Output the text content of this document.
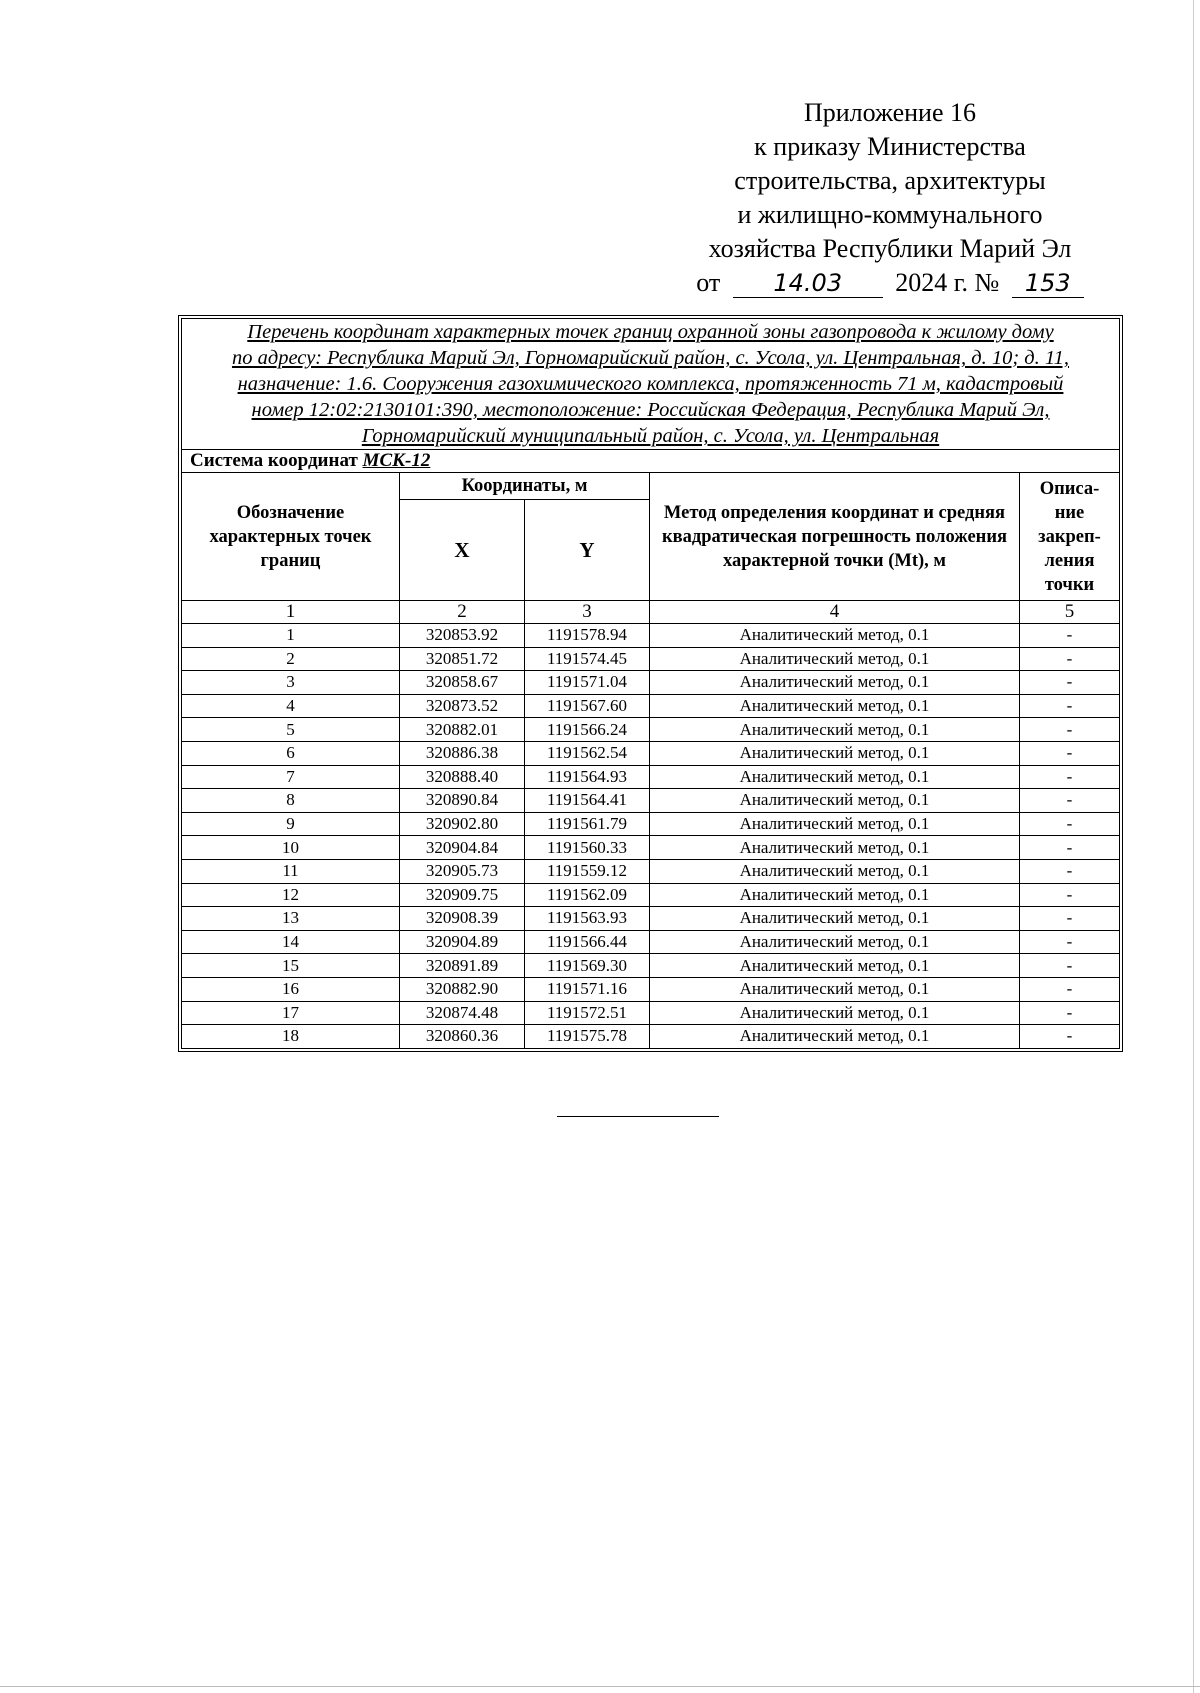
Приложение 16
к приказу Министерства
строительства, архитектуры
и жилищно-коммунального
хозяйства Республики Марий Эл
от 14.03 2024 г. № 153
Перечень координат характерных точек границ охранной зоны газопровода к жилому дому
по адресу: Республика Марий Эл, Горномарийский район, с. Усола, ул. Центральная, д. 10; д. 11,
назначение: 1.6. Сооружения газохимического комплекса, протяженность 71 м, кадастровый
номер 12:02:2130101:390, местоположение: Российская Федерация, Республика Марий Эл,
Горномарийский муниципальный район, с. Усола, ул. Центральная				

Система координат МСК-12				
Обозначение характерных точек границ	Координаты, м		Метод определения координат и средняя квадратическая погрешность положения характерной точки (Mt), м	Описа-
ние
закреп-
ления
точки

	X	Y		
1	2	3	4	5
1	320853.92	1191578.94	Аналитический метод, 0.1	-
2	320851.72	1191574.45	Аналитический метод, 0.1	-
3	320858.67	1191571.04	Аналитический метод, 0.1	-
4	320873.52	1191567.60	Аналитический метод, 0.1	-
5	320882.01	1191566.24	Аналитический метод, 0.1	-
6	320886.38	1191562.54	Аналитический метод, 0.1	-
7	320888.40	1191564.93	Аналитический метод, 0.1	-
8	320890.84	1191564.41	Аналитический метод, 0.1	-
9	320902.80	1191561.79	Аналитический метод, 0.1	-
10	320904.84	1191560.33	Аналитический метод, 0.1	-
11	320905.73	1191559.12	Аналитический метод, 0.1	-
12	320909.75	1191562.09	Аналитический метод, 0.1	-
13	320908.39	1191563.93	Аналитический метод, 0.1	-
14	320904.89	1191566.44	Аналитический метод, 0.1	-
15	320891.89	1191569.30	Аналитический метод, 0.1	-
16	320882.90	1191571.16	Аналитический метод, 0.1	-
17	320874.48	1191572.51	Аналитический метод, 0.1	-
18	320860.36	1191575.78	Аналитический метод, 0.1	-
